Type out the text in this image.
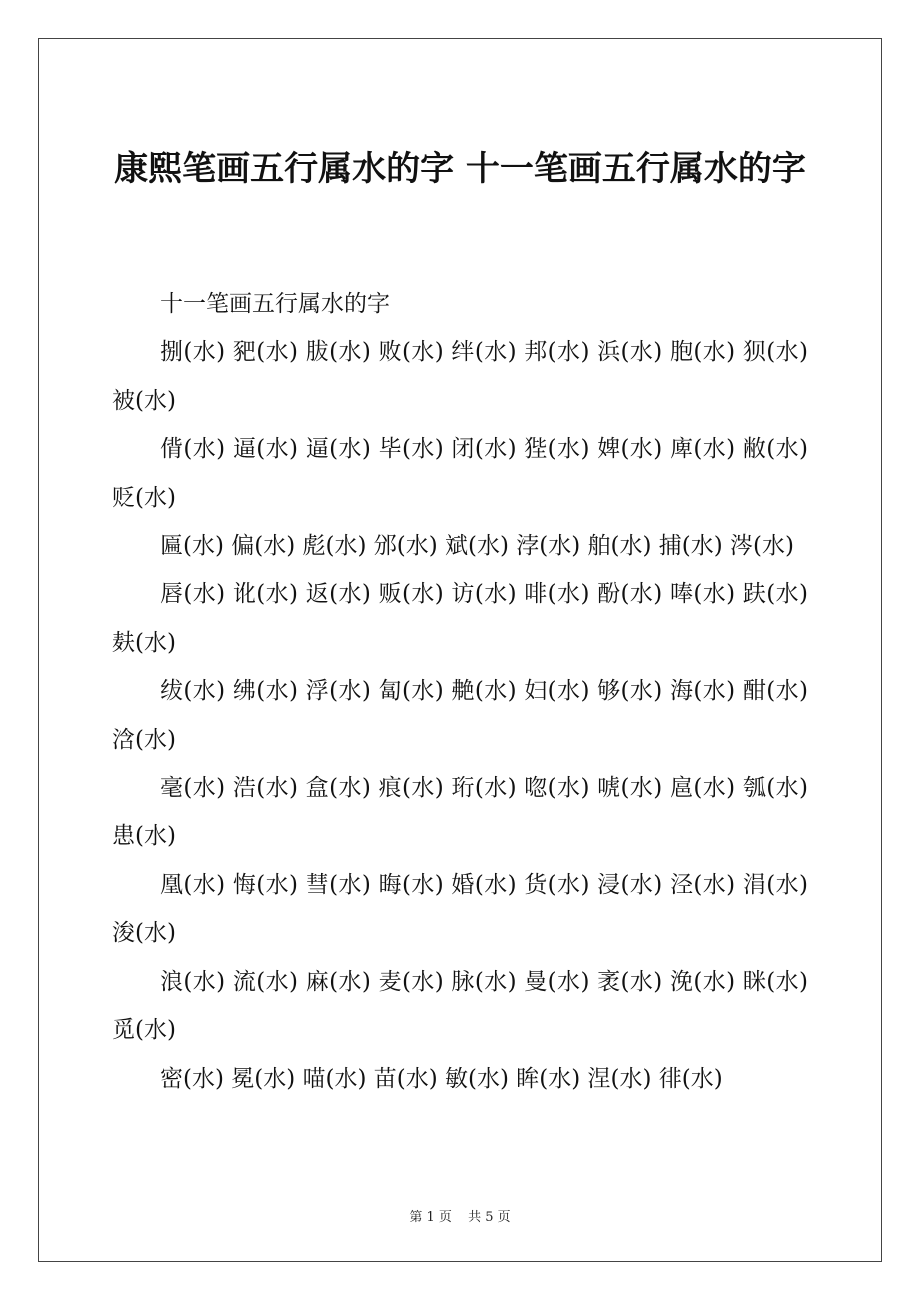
康熙笔画五行属水的字 十一笔画五行属水的字

十一笔画五行属水的字

捌(水) 豝(水) 胈(水) 败(水) 绊(水) 邦(水) 浜(水) 胞(水) 狈(水) 被(水)

偝(水) 逼(水) 逼(水) 毕(水) 闭(水) 狴(水) 婢(水) 庳(水) 敝(水) 贬(水)

匾(水) 偏(水) 彪(水) 邠(水) 斌(水) 浡(水) 舶(水) 捕(水) 涔(水)

唇(水) 讹(水) 返(水) 贩(水) 访(水) 啡(水) 酚(水) 唪(水) 趺(水) 麸(水)

绂(水) 绋(水) 浮(水) 匐(水) 艴(水) 妇(水) 够(水) 海(水) 酣(水) 浛(水)

毫(水) 浩(水) 盒(水) 痕(水) 珩(水) 唿(水) 唬(水) 扈(水) 瓠(水) 患(水)

凰(水) 悔(水) 彗(水) 晦(水) 婚(水) 货(水) 浸(水) 泾(水) 涓(水) 浚(水)

浪(水) 流(水) 麻(水) 麦(水) 脉(水) 曼(水) 袤(水) 浼(水) 眯(水) 觅(水)

密(水) 冕(水) 喵(水) 苗(水) 敏(水) 眸(水) 涅(水) 徘(水)

第 1 页 共 5 页
